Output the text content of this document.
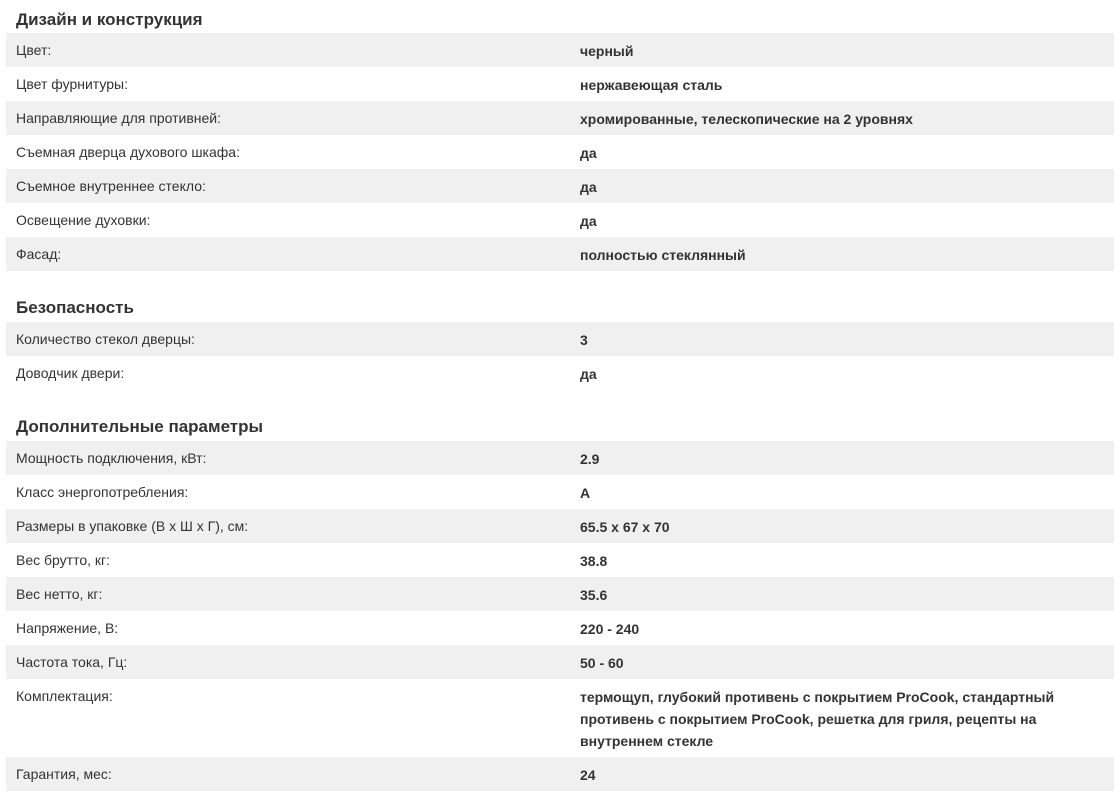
Дизайн и конструкция
Цвет:	черный
Цвет фурнитуры:	нержавеющая сталь
Направляющие для противней:	хромированные, телескопические на 2 уровнях
Съемная дверца духового шкафа:	да
Съемное внутреннее стекло:	да
Освещение духовки:	да
Фасад:	полностью стеклянный
Безопасность
Количество стекол дверцы:	3
Доводчик двери:	да
Дополнительные параметры
Мощность подключения, кВт:	2.9
Класс энергопотребления:	A
Размеры в упаковке (В х Ш х Г), см:	65.5 x 67 x 70
Вес брутто, кг:	38.8
Вес нетто, кг:	35.6
Напряжение, В:	220 - 240
Частота тока, Гц:	50 - 60
Комплектация:	термощуп, глубокий противень с покрытием ProCook, стандартный противень с покрытием ProCook, решетка для гриля, рецепты на внутреннем стекле
Гарантия, мес:	24
